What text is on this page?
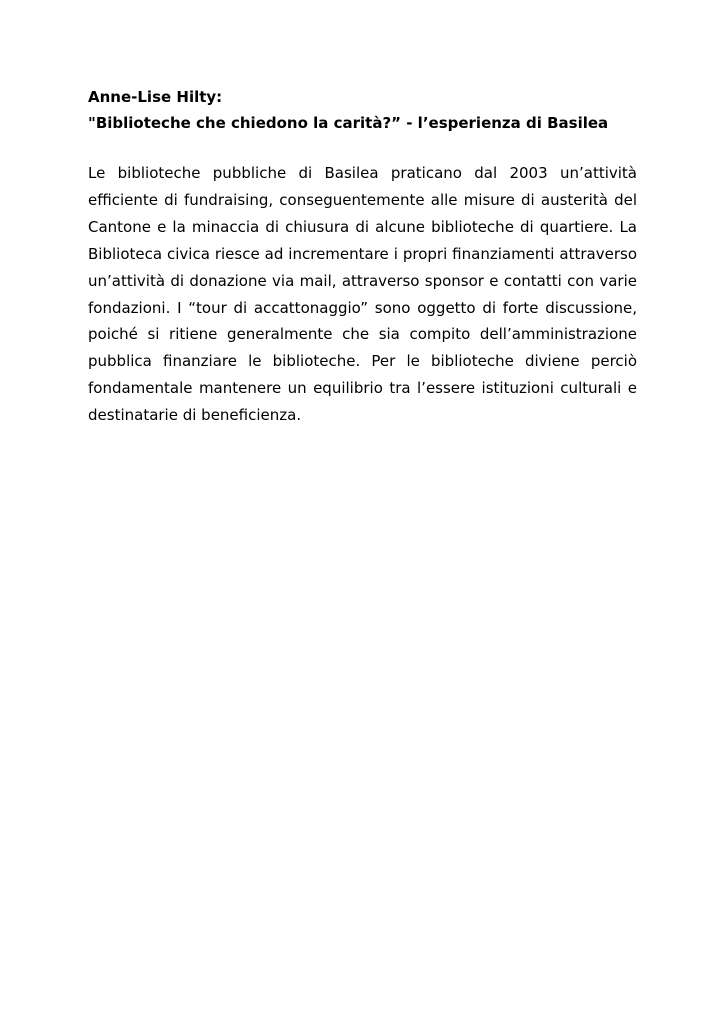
Anne-Lise Hilty:

"Biblioteche che chiedono la carità?” - l’esperienza di Basilea

Le biblioteche pubbliche di Basilea praticano dal 2003 un’attività efficiente di fundraising, conseguentemente alle misure di austerità del Cantone e la minaccia di chiusura di alcune biblioteche di quartiere. La Biblioteca civica riesce ad incrementare i propri finanziamenti attraverso un’attività di donazione via mail, attraverso sponsor e contatti con varie fondazioni. I “tour di accattonaggio” sono oggetto di forte discussione, poiché si ritiene generalmente che sia compito dell’amministrazione pubblica finanziare le biblioteche. Per le biblioteche diviene perciò fondamentale mantenere un equilibrio tra l’essere istituzioni culturali e destinatarie di beneficienza.
